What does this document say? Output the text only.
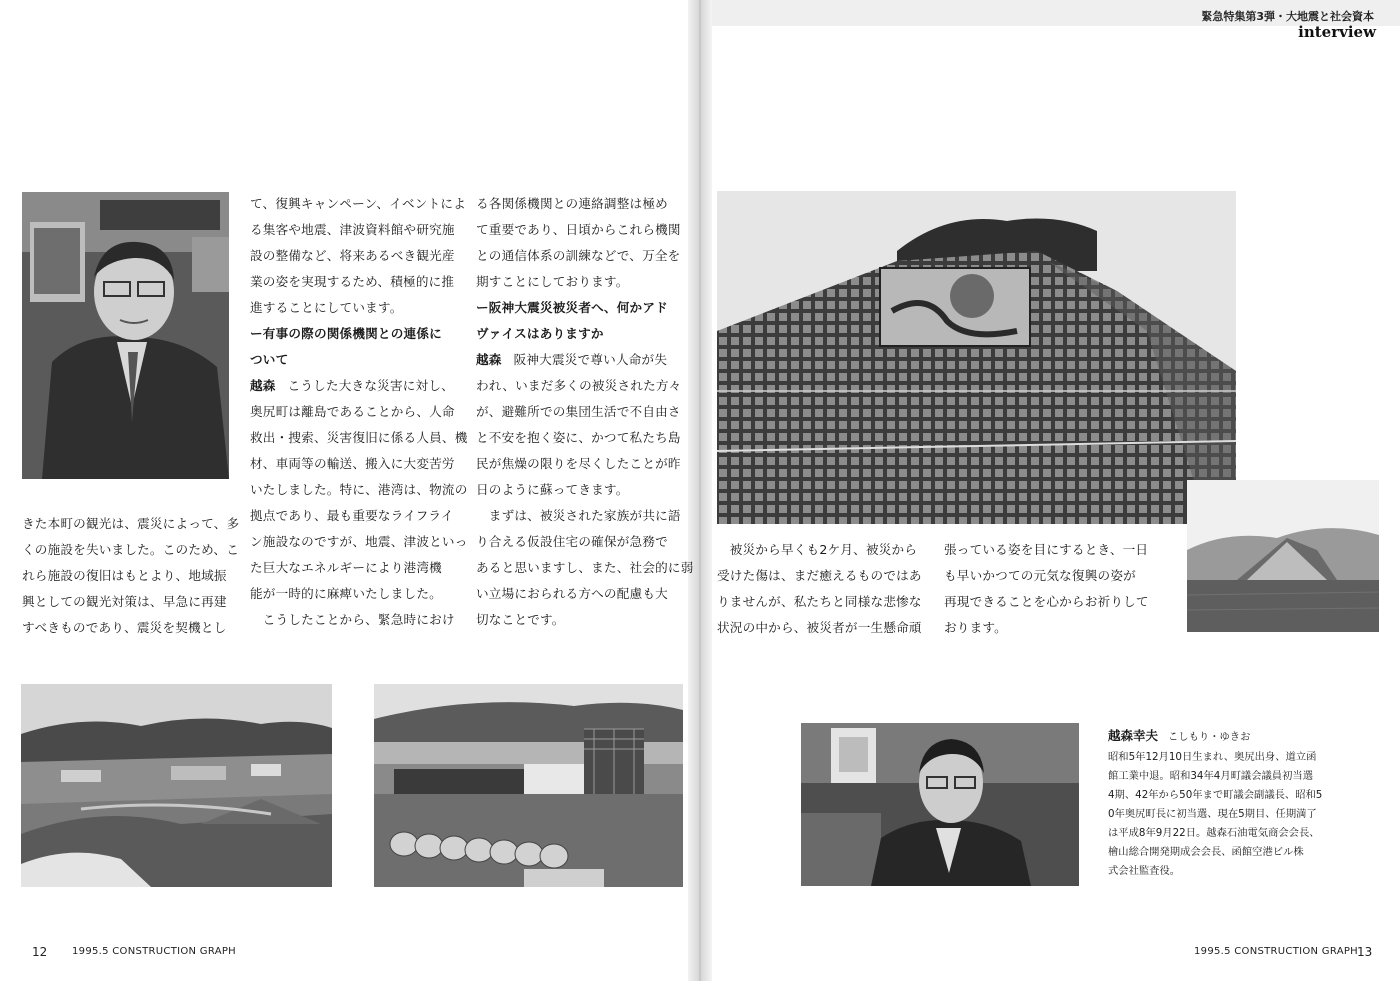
緊急特集第3弾・大地震と社会資本
interview

きた本町の観光は、震災によって、多

くの施設を失いました。このため、こ

れら施設の復旧はもとより、地域振

興としての観光対策は、早急に再建

すべきものであり、震災を契機とし

て、復興キャンペーン、イベントによ

る集客や地震、津波資料館や研究施

設の整備など、将来あるべき観光産

業の姿を実現するため、積極的に推

進することにしています。

ー有事の際の関係機関との連係に

ついて

越森 こうした大きな災害に対し、

奥尻町は離島であることから、人命

救出・捜索、災害復旧に係る人員、機

材、車両等の輸送、搬入に大変苦労

いたしました。特に、港湾は、物流の

拠点であり、最も重要なライフライ

ン施設なのですが、地震、津波といっ

た巨大なエネルギーにより港湾機

能が一時的に麻痺いたしました。

　こうしたことから、緊急時におけ

る各関係機関との連絡調整は極め

て重要であり、日頃からこれら機関

との通信体系の訓練などで、万全を

期すことにしております。

ー阪神大震災被災者へ、何かアド

ヴァイスはありますか

越森 阪神大震災で尊い人命が失

われ、いまだ多くの被災された方々

が、避難所での集団生活で不自由さ

と不安を抱く姿に、かつて私たち島

民が焦燥の限りを尽くしたことが昨

日のように蘇ってきます。

　まずは、被災された家族が共に語

り合える仮設住宅の確保が急務で

あると思いますし、また、社会的に弱

い立場におられる方への配慮も大

切なことです。

　被災から早くも2ケ月、被災から

受けた傷は、まだ癒えるものではあ

りませんが、私たちと同様な悲惨な

状況の中から、被災者が一生懸命頑

張っている姿を目にするとき、一日

も早いかつての元気な復興の姿が

再現できることを心からお祈りして

おります。

越森幸夫 こしもり・ゆきお

昭和5年12月10日生まれ、奥尻出身、道立函

館工業中退。昭和34年4月町議会議員初当選

4期、42年から50年まで町議会副議長、昭和5

0年奥尻町長に初当選、現在5期目、任期満了

は平成8年9月22日。越森石油電気商会会長、

檜山総合開発期成会会長、函館空港ビル株

式会社監査役。

12 1995.5 CONSTRUCTION GRAPH	1995.5 CONSTRUCTION GRAPH 13
